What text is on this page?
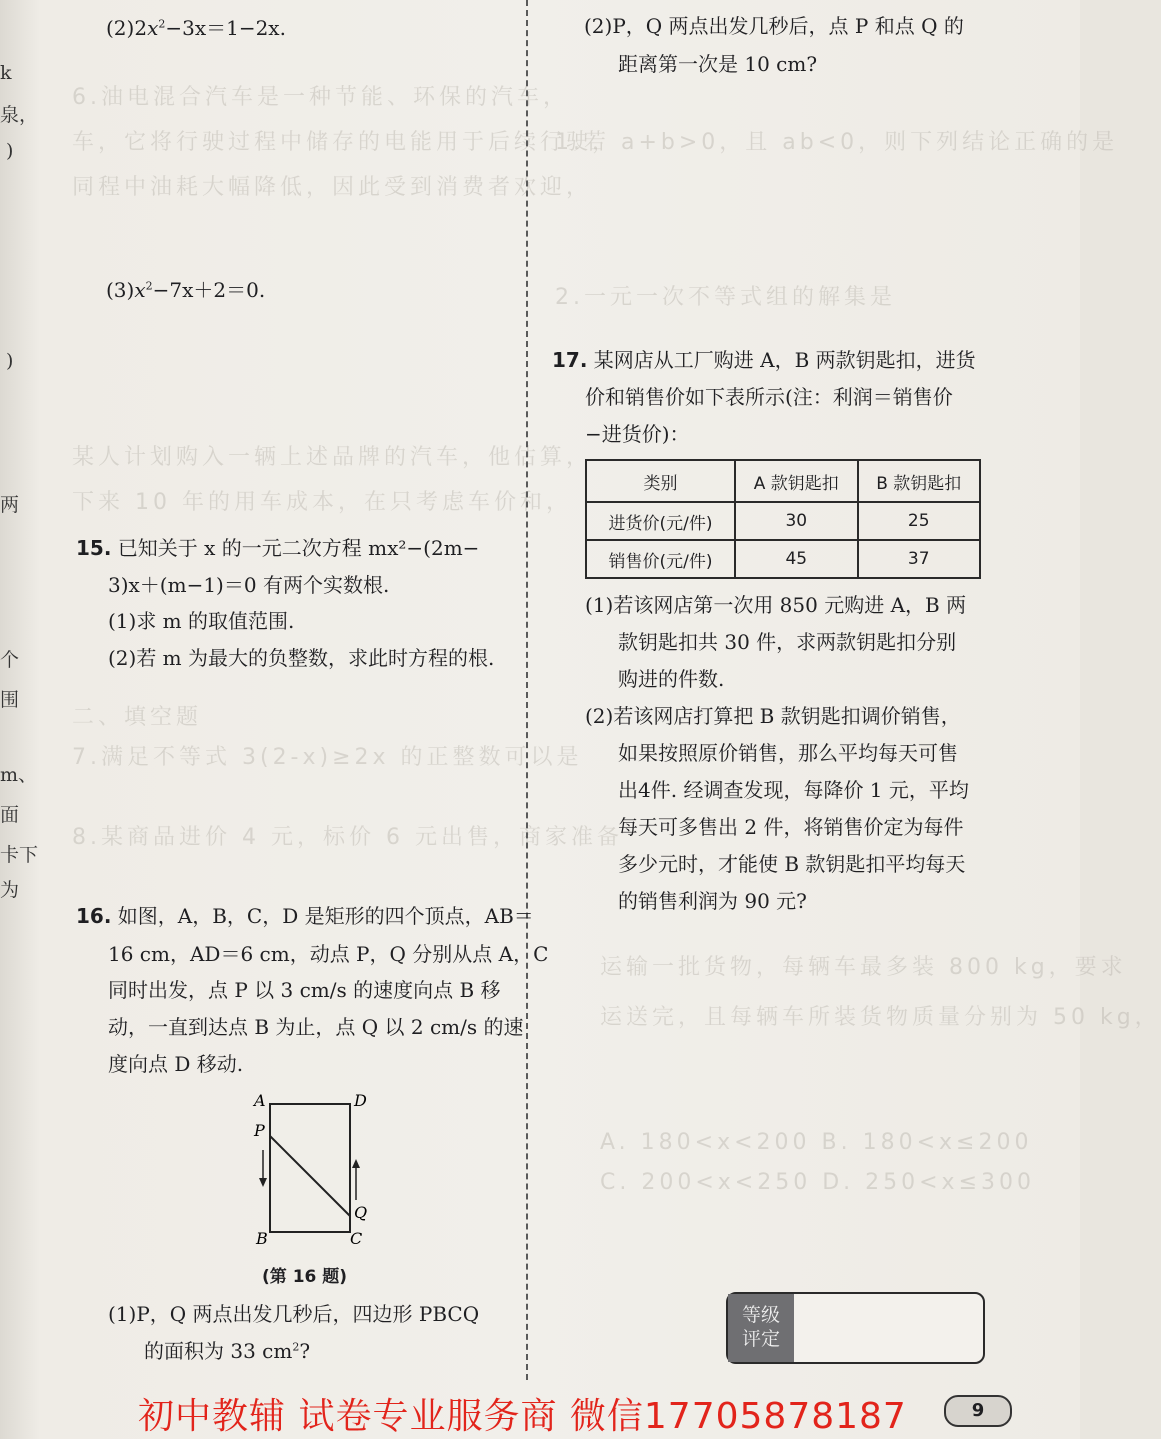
6.油电混合汽车是一种节能、环保的汽车，
车，它将行驶过程中储存的电能用于后续行驶，
同程中油耗大幅降低，因此受到消费者欢迎，
某人计划购入一辆上述品牌的汽车，他估算，
下来 10 年的用车成本，在只考虑车价和，
二、填空题
7.满足不等式 3(2-x)≥2x 的正整数可以是
8.某商品进价 4 元，标价 6 元出售，商家准备
1.若 a+b>0，且 ab<0，则下列结论正确的是
2.一元一次不等式组的解集是
运输一批货物，每辆车最多装 800 kg，要求
运送完，且每辆车所装货物质量分别为 50 kg，
A. 180<x<200 B. 180<x≤200
C. 200<x<250 D. 250<x≤300
k
泉，
)
)
两
个
围
m、
面
卡下
为
$(2)2x^2-3x=1-2x$.
$(3)x^2-7x+2=0$.
15. 已知关于 x 的一元二次方程 mx²−(2m−
3)x＋(m−1)＝0 有两个实数根.
(1)求 m 的取值范围.
(2)若 m 为最大的负整数，求此时方程的根.
16. 如图，A，B，C，D 是矩形的四个顶点，AB＝
16 cm，AD＝6 cm，动点 P，Q 分别从点 A，C
同时出发，点 P 以 3 cm/s 的速度向点 B 移
动，一直到达点 B 为止，点 Q 以 2 cm/s 的速
度向点 D 移动.
A	D
P
Q
B	C
(第 16 题)
(1)P，Q 两点出发几秒后，四边形 PBCQ
的面积为 33 $cm^2$?
(2)P，Q 两点出发几秒后，点 P 和点 Q 的
距离第一次是 10 cm?
17. 某网店从工厂购进 A，B 两款钥匙扣，进货
价和销售价如下表所示(注：利润＝销售价
−进货价)：
类别	A 款钥匙扣	B 款钥匙扣
进货价(元/件)	30	25
销售价(元/件)	45	37
(1)若该网店第一次用 850 元购进 A，B 两
款钥匙扣共 30 件，求两款钥匙扣分别
购进的件数.
(2)若该网店打算把 B 款钥匙扣调价销售，
如果按照原价销售，那么平均每天可售
出4件. 经调查发现，每降价 1 元，平均
每天可多售出 2 件，将销售价定为每件
多少元时，才能使 B 款钥匙扣平均每天
的销售利润为 90 元?
等级
评定
初中教辅 试卷专业服务商 微信17705878187	9
